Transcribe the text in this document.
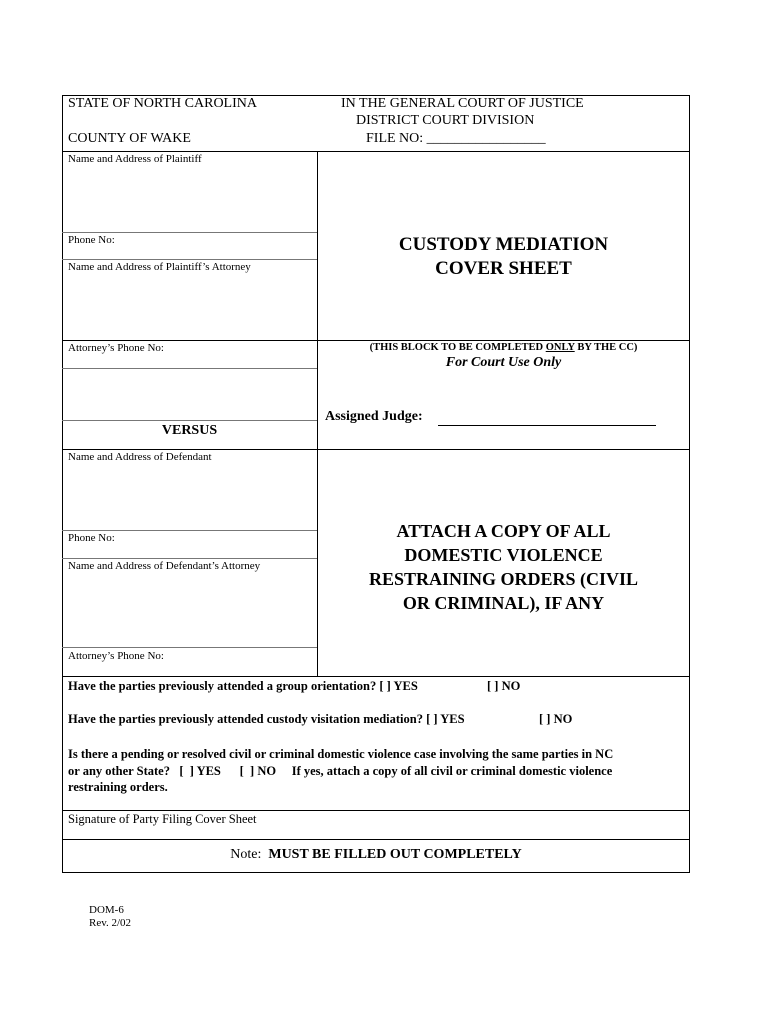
STATE OF NORTH CAROLINA
COUNTY OF WAKE
IN THE GENERAL COURT OF JUSTICE
DISTRICT COURT DIVISION
FILE NO: _________________
Name and Address of Plaintiff
Phone No:
Name and Address of Plaintiff’s Attorney
Attorney’s Phone No:
VERSUS
Name and Address of Defendant
Phone No:
Name and Address of Defendant’s Attorney
Attorney’s Phone No:
CUSTODY MEDIATION
COVER SHEET
(THIS BLOCK TO BE COMPLETED ONLY BY THE CC)
For Court Use Only
Assigned Judge:
ATTACH A COPY OF ALL
DOMESTIC VIOLENCE
RESTRAINING ORDERS (CIVIL
OR CRIMINAL), IF ANY
Have the parties previously attended a group orientation? [ ] YES	[ ] NO
Have the parties previously attended custody visitation mediation? [ ] YES	[ ] NO
Is there a pending or resolved civil or criminal domestic violence case involving the same parties in NC
or any other State?   [  ] YES      [  ] NO     If yes, attach a copy of all civil or criminal domestic violence
restraining orders.
Signature of Party Filing Cover Sheet
Note:  MUST BE FILLED OUT COMPLETELY
DOM-6
Rev. 2/02
